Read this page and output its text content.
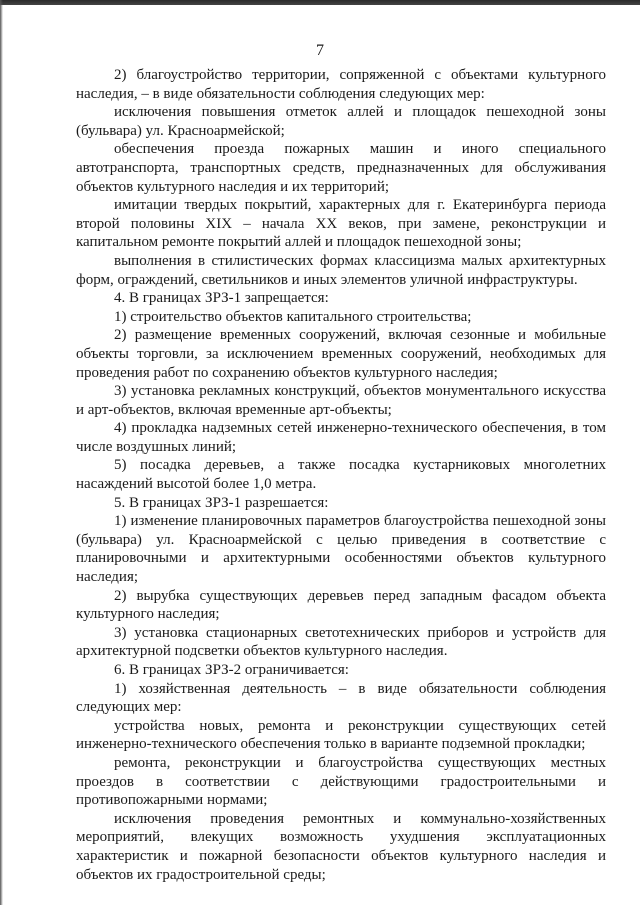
7

2) благоустройство территории, сопряженной с объектами культурного наследия, – в виде обязательности соблюдения следующих мер:

исключения повышения отметок аллей и площадок пешеходной зоны (бульвара) ул. Красноармейской;

обеспечения проезда пожарных машин и иного специального автотранспорта, транспортных средств, предназначенных для обслуживания объектов культурного наследия и их территорий;

имитации твердых покрытий, характерных для г. Екатеринбурга периода второй половины XIX – начала XX веков, при замене, реконструкции и капитальном ремонте покрытий аллей и площадок пешеходной зоны;

выполнения в стилистических формах классицизма малых архитектурных форм, ограждений, светильников и иных элементов уличной инфраструктуры.

4. В границах ЗРЗ-1 запрещается:

1) строительство объектов капитального строительства;

2) размещение временных сооружений, включая сезонные и мобильные объекты торговли, за исключением временных сооружений, необходимых для проведения работ по сохранению объектов культурного наследия;

3) установка рекламных конструкций, объектов монументального искусства и арт-объектов, включая временные арт-объекты;

4) прокладка надземных сетей инженерно-технического обеспечения, в том числе воздушных линий;

5) посадка деревьев, а также посадка кустарниковых многолетних насаждений высотой более 1,0 метра.

5. В границах ЗРЗ-1 разрешается:

1) изменение планировочных параметров благоустройства пешеходной зоны (бульвара) ул. Красноармейской с целью приведения в соответствие с планировочными и архитектурными особенностями объектов культурного наследия;

2) вырубка существующих деревьев перед западным фасадом объекта культурного наследия;

3) установка стационарных светотехнических приборов и устройств для архитектурной подсветки объектов культурного наследия.

6. В границах ЗРЗ-2 ограничивается:

1) хозяйственная деятельность – в виде обязательности соблюдения следующих мер:

устройства новых, ремонта и реконструкции существующих сетей инженерно-технического обеспечения только в варианте подземной прокладки;

ремонта, реконструкции и благоустройства существующих местных проездов в соответствии с действующими градостроительными и противопожарными нормами;

исключения проведения ремонтных и коммунально-хозяйственных мероприятий, влекущих возможность ухудшения эксплуатационных характеристик и пожарной безопасности объектов культурного наследия и объектов их градостроительной среды;
